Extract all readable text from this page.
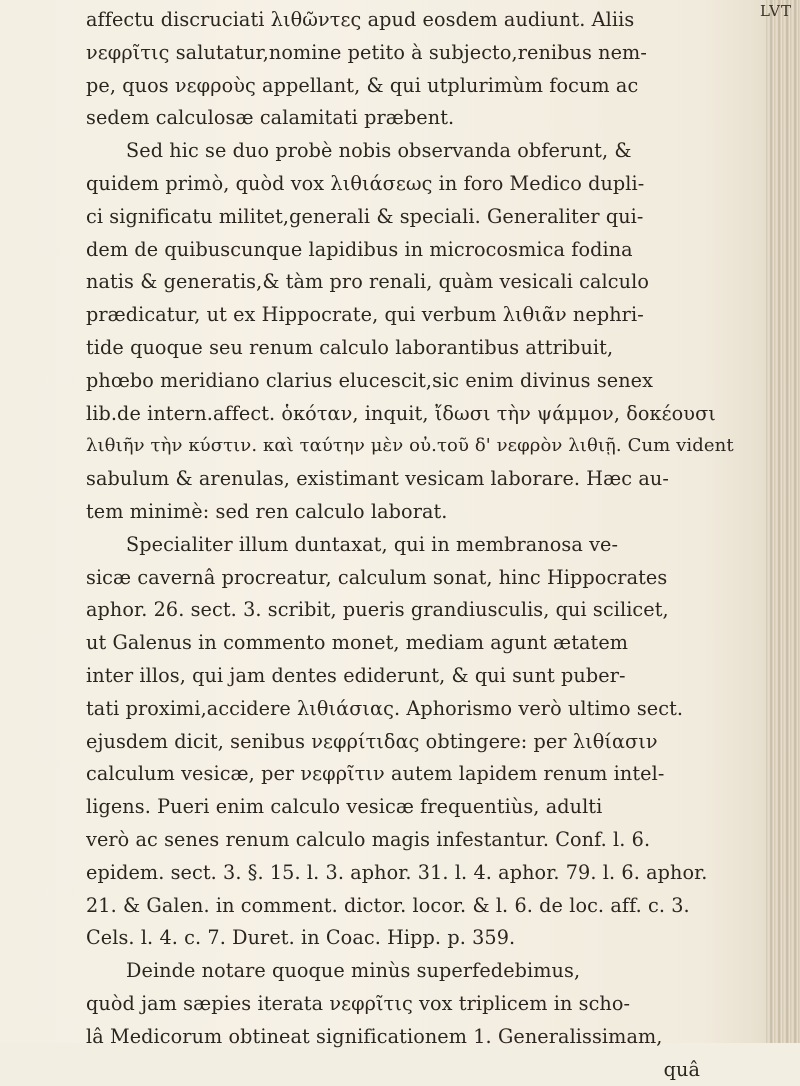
LVT
affectu discruciati λιθῶντες apud eosdem audiunt. Aliis
νεφρῖτις salutatur,nomine petito à subjecto,renibus nem-
pe, quos νεφροὺς appellant, & qui utplurimùm focum ac
sedem calculosæ calamitati præbent.
Sed hic se duo probè nobis observanda obferunt, &
quidem primò, quòd vox λιθιάσεως in foro Medico dupli-
ci significatu militet,generali & speciali. Generaliter qui-
dem de quibuscunque lapidibus in microcosmica fodina
natis & generatis,& tàm pro renali, quàm vesicali calculo
prædicatur, ut ex Hippocrate, qui verbum λιθιᾶν nephri-
tide quoque seu renum calculo laborantibus attribuit,
phœbo meridiano clarius elucescit,sic enim divinus senex
lib.de intern.affect. ὁκόταν, inquit, ἴδωσι τὴν ψάμμον, δοκέουσι
λιθιῆν τὴν κύστιν. καὶ ταύτην μὲν οὐ.τοῦ δ' νεφρὸν λιθιῇ. Cum vident
sabulum & arenulas, existimant vesicam laborare. Hæc au-
tem minimè: sed ren calculo laborat.
Specialiter illum duntaxat, qui in membranosa ve-
sicæ cavernâ procreatur, calculum sonat, hinc Hippocrates
aphor. 26. sect. 3. scribit, pueris grandiusculis, qui scilicet,
ut Galenus in commento monet, mediam agunt ætatem
inter illos, qui jam dentes ediderunt, & qui sunt puber-
tati proximi,accidere λιθιάσιας. Aphorismo verò ultimo sect.
ejusdem dicit, senibus νεφρίτιδας obtingere: per λιθίασιν
calculum vesicæ, per νεφρῖτιν autem lapidem renum intel-
ligens. Pueri enim calculo vesicæ frequentiùs, adulti
verò ac senes renum calculo magis infestantur. Conf. l. 6.
epidem. sect. 3. §. 15. l. 3. aphor. 31. l. 4. aphor. 79. l. 6. aphor.
21. & Galen. in comment. dictor. locor. & l. 6. de loc. aff. c. 3.
Cels. l. 4. c. 7. Duret. in Coac. Hipp. p. 359.
Deinde notare quoque minùs superfedebimus,
quòd jam sæpies iterata νεφρῖτις vox triplicem in scho-
lâ Medicorum obtineat significationem 1. Generalissimam,
quâ
